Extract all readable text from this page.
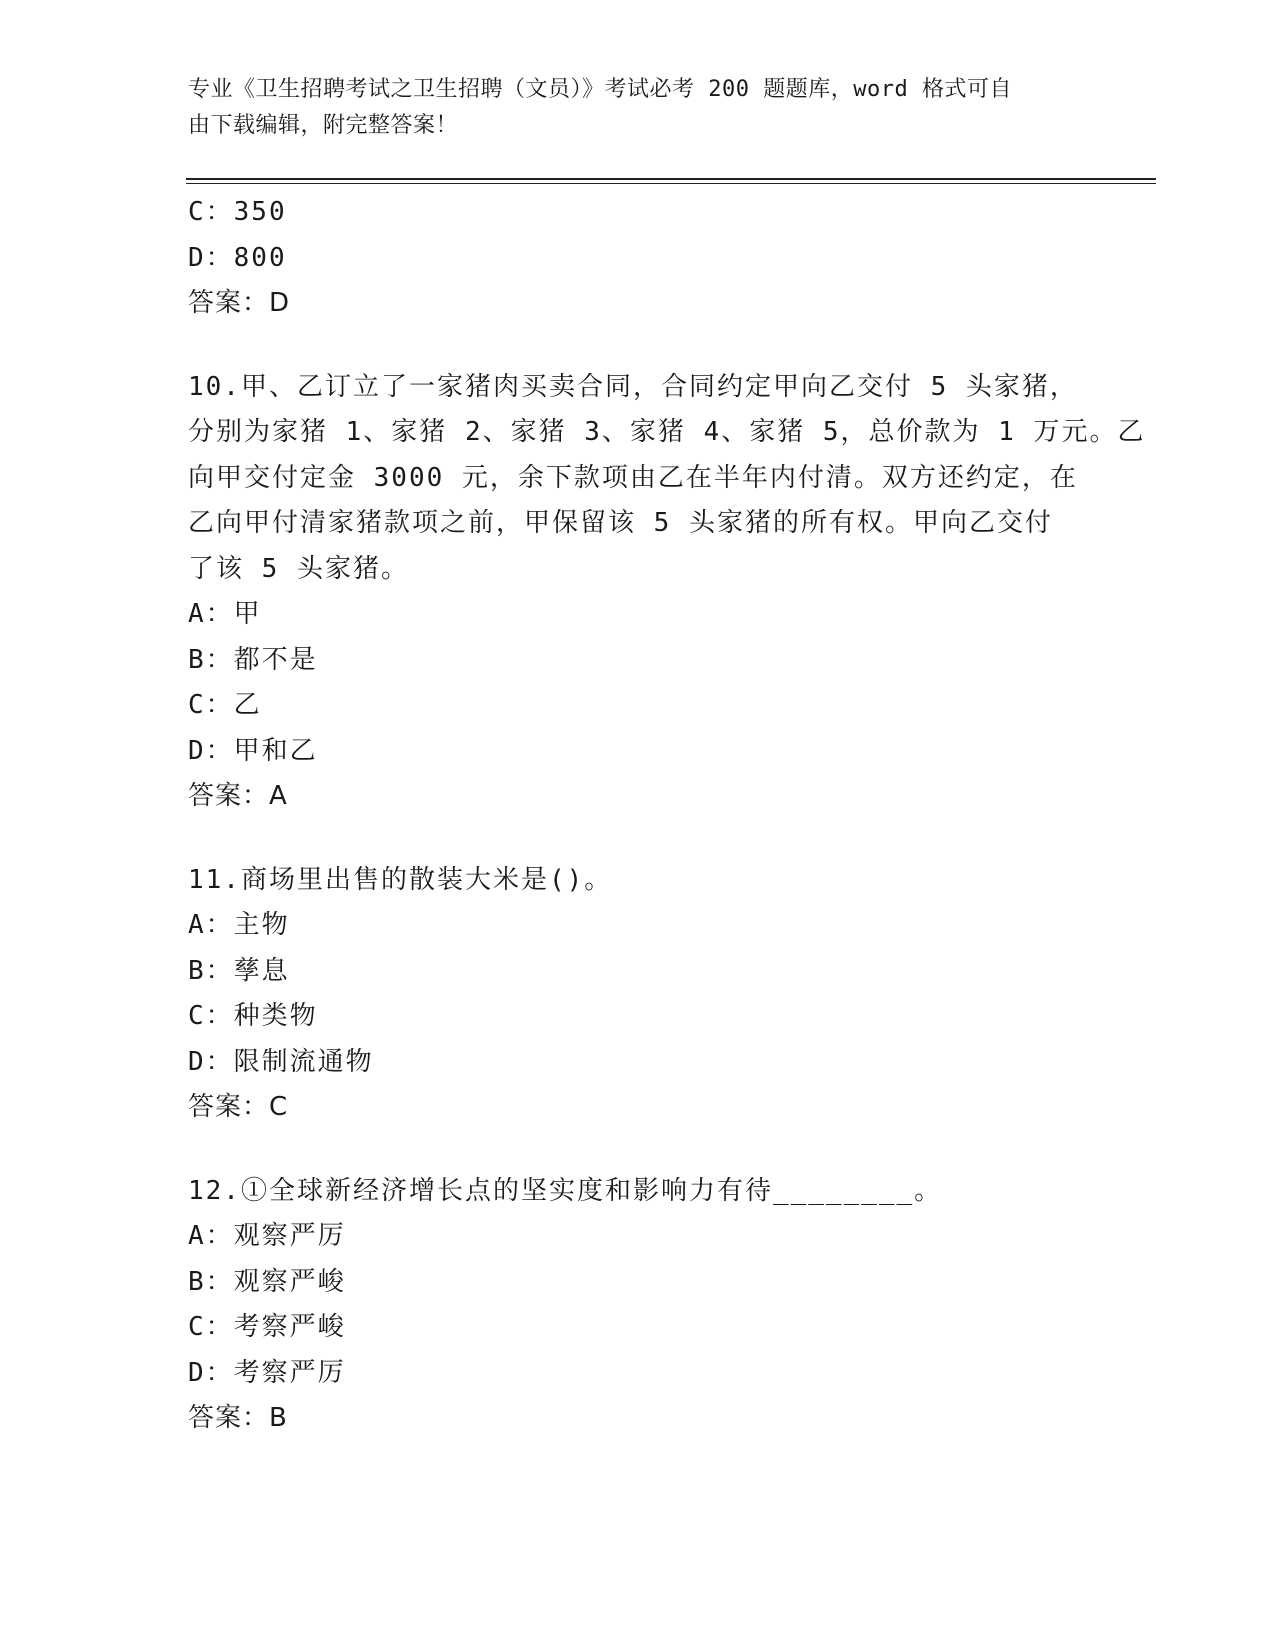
专业《卫生招聘考试之卫生招聘（文员）》考试必考 200 题题库，word 格式可自
由下载编辑，附完整答案！
C：350
D：800
答案：D
10.甲、乙订立了一家猪肉买卖合同，合同约定甲向乙交付 5 头家猪，
分别为家猪 1、家猪 2、家猪 3、家猪 4、家猪 5，总价款为 1 万元。乙
向甲交付定金 3000 元，余下款项由乙在半年内付清。双方还约定，在
乙向甲付清家猪款项之前，甲保留该 5 头家猪的所有权。甲向乙交付
了该 5 头家猪。
A：甲
B：都不是
C：乙
D：甲和乙
答案：A
11.商场里出售的散装大米是()。
A：主物
B：孳息
C：种类物
D：限制流通物
答案：C
12.①全球新经济增长点的坚实度和影响力有待________。
A：观察严厉
B：观察严峻
C：考察严峻
D：考察严厉
答案：B
